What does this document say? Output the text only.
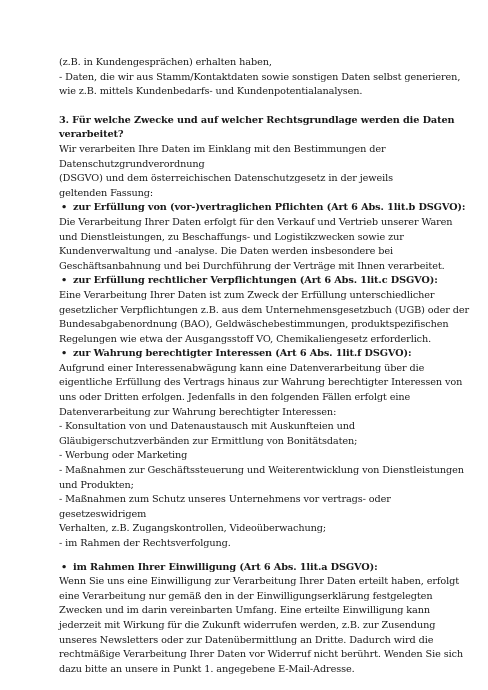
(z.B. in Kundengesprächen) erhalten haben,
- Daten, die wir aus Stamm/Kontaktdaten sowie sonstigen Daten selbst generieren,
wie z.B. mittels Kundenbedarfs- und Kundenpotentialanalysen.
3. Für welche Zwecke und auf welcher Rechtsgrundlage werden die Daten
verarbeitet?
Wir verarbeiten Ihre Daten im Einklang mit den Bestimmungen der
Datenschutzgrundverordnung
(DSGVO) und dem österreichischen Datenschutzgesetz in der jeweils
geltenden Fassung:
• zur Erfüllung von (vor-)vertraglichen Pflichten (Art 6 Abs. 1lit.b DSGVO):
Die Verarbeitung Ihrer Daten erfolgt für den Verkauf und Vertrieb unserer Waren
und Dienstleistungen, zu Beschaffungs- und Logistikzwecken sowie zur
Kundenverwaltung und -analyse. Die Daten werden insbesondere bei
Geschäftsanbahnung und bei Durchführung der Verträge mit Ihnen verarbeitet.
• zur Erfüllung rechtlicher Verpflichtungen (Art 6 Abs. 1lit.c DSGVO):
Eine Verarbeitung Ihrer Daten ist zum Zweck der Erfüllung unterschiedlicher
gesetzlicher Verpflichtungen z.B. aus dem Unternehmensgesetzbuch (UGB) oder der
Bundesabgabenordnung (BAO), Geldwäschebestimmungen, produktspezifischen
Regelungen wie etwa der Ausgangsstoff VO, Chemikaliengesetz erforderlich.
• zur Wahrung berechtigter Interessen (Art 6 Abs. 1lit.f DSGVO):
Aufgrund einer Interessenabwägung kann eine Datenverarbeitung über die
eigentliche Erfüllung des Vertrags hinaus zur Wahrung berechtigter Interessen von
uns oder Dritten erfolgen. Jedenfalls in den folgenden Fällen erfolgt eine
Datenverarbeitung zur Wahrung berechtigter Interessen:
- Konsultation von und Datenaustausch mit Auskunfteien und
Gläubigerschutzverbänden zur Ermittlung von Bonitätsdaten;
- Werbung oder Marketing
- Maßnahmen zur Geschäftssteuerung und Weiterentwicklung von Dienstleistungen
und Produkten;
- Maßnahmen zum Schutz unseres Unternehmens vor vertrags- oder
gesetzeswidrigem
Verhalten, z.B. Zugangskontrollen, Videoüberwachung;
- im Rahmen der Rechtsverfolgung.
• im Rahmen Ihrer Einwilligung (Art 6 Abs. 1lit.a DSGVO):
Wenn Sie uns eine Einwilligung zur Verarbeitung Ihrer Daten erteilt haben, erfolgt
eine Verarbeitung nur gemäß den in der Einwilligungserklärung festgelegten
Zwecken und im darin vereinbarten Umfang. Eine erteilte Einwilligung kann
jederzeit mit Wirkung für die Zukunft widerrufen werden, z.B. zur Zusendung
unseres Newsletters oder zur Datenübermittlung an Dritte. Dadurch wird die
rechtmäßige Verarbeitung Ihrer Daten vor Widerruf nicht berührt. Wenden Sie sich
dazu bitte an unsere in Punkt 1. angegebene E-Mail-Adresse.
